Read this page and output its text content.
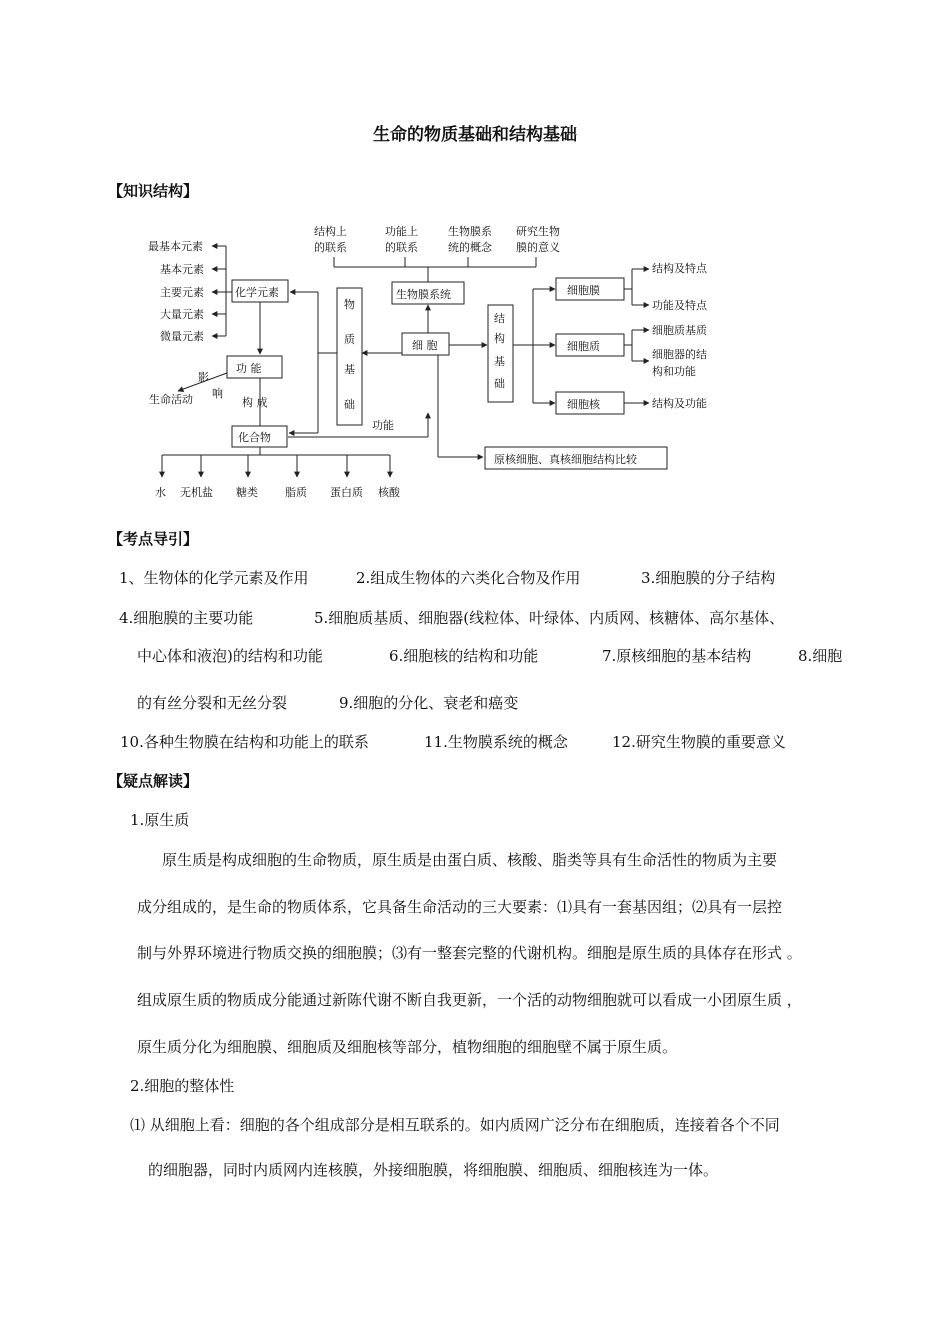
生命的物质基础和结构基础
【知识结构】
结构上
的联系
功能上
的联系
生物膜系
统的概念
研究生物
膜的意义
最基本元素
基本元素
主要元素
大量元素
微量元素
化学元素
功 能
影
响
生命活动	构 成
化合物
水 无机盐 糖类 脂质 蛋白质 核酸
物
质
基
础
生物膜系统
细 胞
功能
结
构
基
础
细胞膜
细胞质
细胞核
结构及特点
功能及特点
细胞质基质
细胞器的结
构和功能
结构及功能
原核细胞、真核细胞结构比较
【考点导引】
1、生物体的化学元素及作用	2.组成生物体的六类化合物及作用	3.细胞膜的分子结构
4.细胞膜的主要功能	5.细胞质基质、细胞器(线粒体、叶绿体、内质网、核糖体、高尔基体、
中心体和液泡)的结构和功能	6.细胞核的结构和功能	7.原核细胞的基本结构	8.细胞
的有丝分裂和无丝分裂	9.细胞的分化、衰老和癌变
10.各种生物膜在结构和功能上的联系	11.生物膜系统的概念	12.研究生物膜的重要意义
【疑点解读】
1.原生质
原生质是构成细胞的生命物质，原生质是由蛋白质、核酸、脂类等具有生命活性的物质为主要
成分组成的，是生命的物质体系，它具备生命活动的三大要素：⑴具有一套基因组；⑵具有一层控
制与外界环境进行物质交换的细胞膜；⑶有一整套完整的代谢机构。细胞是原生质的具体存在形式 。
组成原生质的物质成分能通过新陈代谢不断自我更新，一个活的动物细胞就可以看成一小团原生质 ，
原生质分化为细胞膜、细胞质及细胞核等部分，植物细胞的细胞壁不属于原生质。
2.细胞的整体性
⑴ 从细胞上看：细胞的各个组成部分是相互联系的。如内质网广泛分布在细胞质，连接着各个不同
的细胞器，同时内质网内连核膜，外接细胞膜，将细胞膜、细胞质、细胞核连为一体。
